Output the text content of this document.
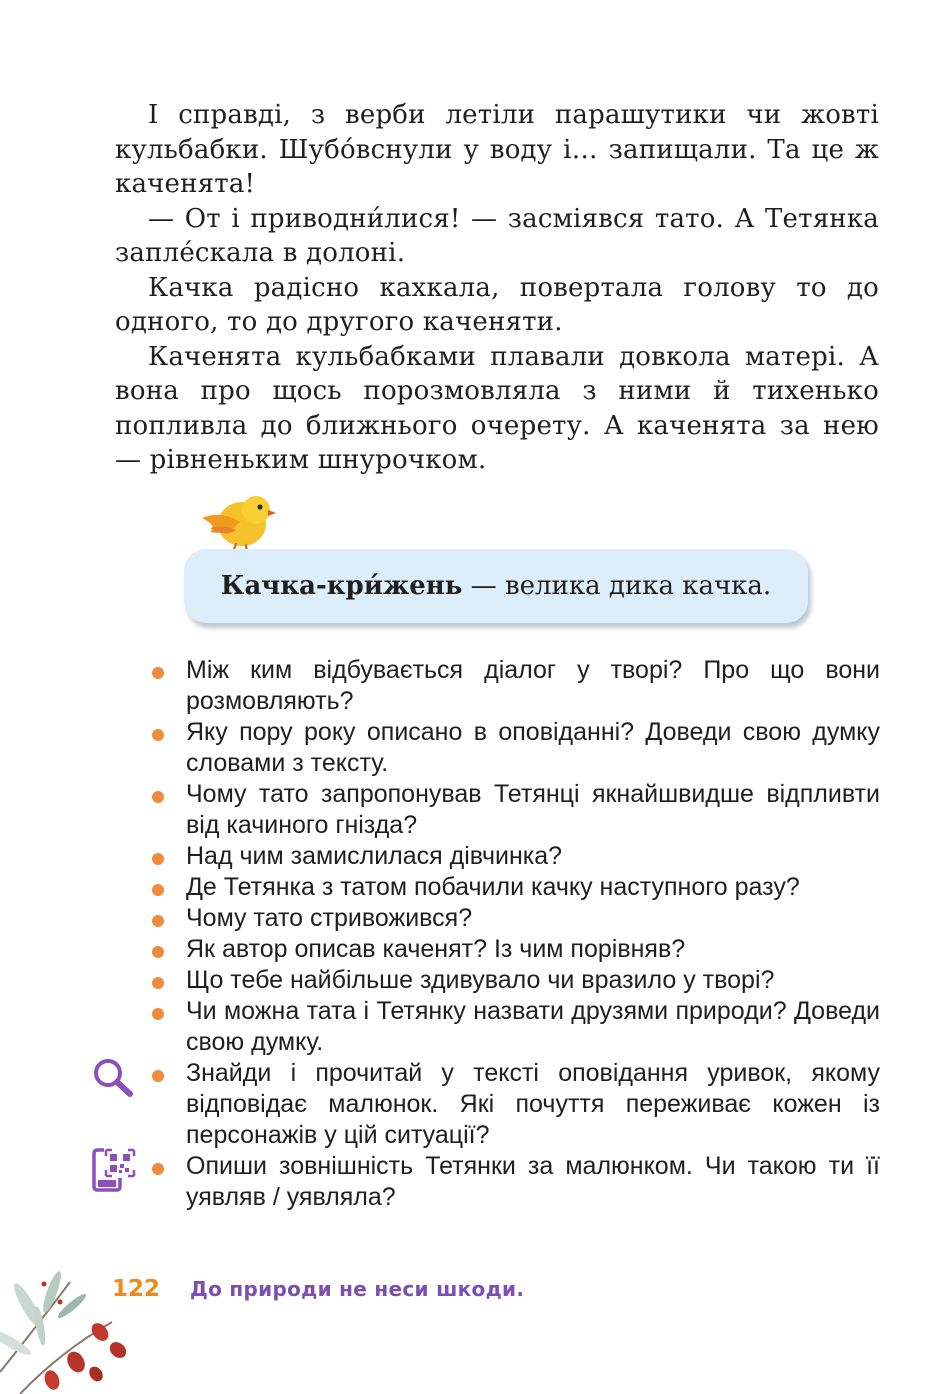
І справді, з верби летіли парашутики чи жовті кульбабки. Шубóвснули у воду і… запищали. Та це ж каченята!

— От і приводни́лися! — засміявся тато. А Тетянка запле́скала в долоні.

Качка радісно кахкала, повертала голову то до одного, то до другого каченяти.

Каченята кульбабками плавали довкола матері. А вона про щось порозмовляла з ними й тихенько попливла до ближнього очерету. А каченята за нею — рівненьким шнурочком.

Качка-кри́жень — велика дика качка.
Між ким відбувається діалог у творі? Про що вони розмовляють?
Яку пору року описано в оповіданні? Доведи свою думку словами з тексту.
Чому тато запропонував Тетянці якнайшвидше відпливти від качиного гнізда?
Над чим замислилася дівчинка?
Де Тетянка з татом побачили качку наступного разу?
Чому тато стривожився?
Як автор описав каченят? Із чим порівняв?
Що тебе найбільше здивувало чи вразило у творі?
Чи можна тата і Тетянку назвати друзями природи? Доведи свою думку.
Знайди і прочитай у тексті оповідання уривок, якому відповідає малюнок. Які почуття переживає кожен із персонажів у цій ситуації?
Опиши зовнішність Тетянки за малюнком. Чи такою ти її уявляв / уявляла?
122 До природи не неси шкоди.
